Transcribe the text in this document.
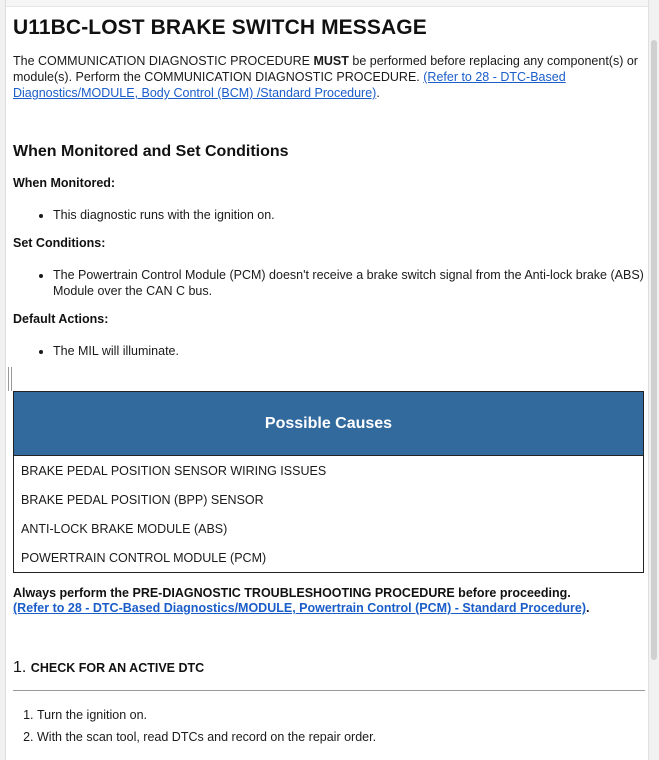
U11BC-LOST BRAKE SWITCH MESSAGE

The COMMUNICATION DIAGNOSTIC PROCEDURE MUST be performed before replacing any component(s) or module(s). Perform the COMMUNICATION DIAGNOSTIC PROCEDURE. (Refer to 28 - DTC-Based Diagnostics/MODULE, Body Control (BCM) /Standard Procedure).

When Monitored and Set Conditions

When Monitored:

• This diagnostic runs with the ignition on.

Set Conditions:

• The Powertrain Control Module (PCM) doesn't receive a brake switch signal from the Anti-lock brake (ABS) Module over the CAN C bus.

Default Actions:

• The MIL will illuminate.
Possible Causes
BRAKE PEDAL POSITION SENSOR WIRING ISSUES
BRAKE PEDAL POSITION (BPP) SENSOR
ANTI-LOCK BRAKE MODULE (ABS)
POWERTRAIN CONTROL MODULE (PCM)
Always perform the PRE-DIAGNOSTIC TROUBLESHOOTING PROCEDURE before proceeding.
(Refer to 28 - DTC-Based Diagnostics/MODULE, Powertrain Control (PCM) - Standard Procedure).
1. CHECK FOR AN ACTIVE DTC
1. Turn the ignition on.
2. With the scan tool, read DTCs and record on the repair order.
